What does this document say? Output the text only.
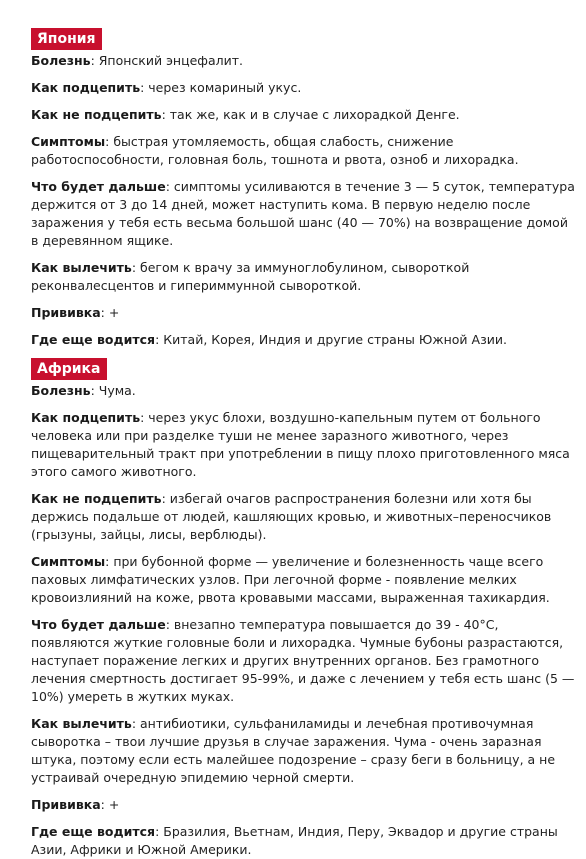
Япония
Болезнь: Японский энцефалит.
Как подцепить: через комариный укус.
Как не подцепить: так же, как и в случае с лихорадкой Денге.
Симптомы: быстрая утомляемость, общая слабость, снижение работоспособности, головная боль, тошнота и рвота, озноб и лихорадка.
Что будет дальше: симптомы усиливаются в течение 3 — 5 суток, температура держится от 3 до 14 дней, может наступить кома. В первую неделю после заражения у тебя есть весьма большой шанс (40 — 70%) на возвращение домой в деревянном ящике.
Как вылечить: бегом к врачу за иммуноглобулином, сывороткой реконвалесцентов и гипериммунной сывороткой.
Прививка: +
Где еще водится: Китай, Корея, Индия и другие страны Южной Азии.
Африка
Болезнь: Чума.
Как подцепить: через укус блохи, воздушно-капельным путем от больного человека или при разделке туши не менее заразного животного, через пищеварительный тракт при употреблении в пищу плохо приготовленного мяса этого самого животного.
Как не подцепить: избегай очагов распространения болезни или хотя бы держись подальше от людей, кашляющих кровью, и животных–переносчиков (грызуны, зайцы, лисы, верблюды).
Симптомы: при бубонной форме — увеличение и болезненность чаще всего паховых лимфатических узлов. При легочной форме - появление мелких кровоизлияний на коже, рвота кровавыми массами, выраженная тахикардия.
Что будет дальше: внезапно температура повышается до 39 - 40°C, появляются жуткие головные боли и лихорадка. Чумные бубоны разрастаются, наступает поражение легких и других внутренних органов. Без грамотного лечения смертность достигает 95-99%, и даже с лечением у тебя есть шанс (5 — 10%) умереть в жутких муках.
Как вылечить: антибиотики, сульфаниламиды и лечебная противочумная сыворотка – твои лучшие друзья в случае заражения. Чума - очень заразная штука, поэтому если есть малейшее подозрение – сразу беги в больницу, а не устраивай очередную эпидемию черной смерти.
Прививка: +
Где еще водится: Бразилия, Вьетнам, Индия, Перу, Эквадор и другие страны Азии, Африки и Южной Америки.
